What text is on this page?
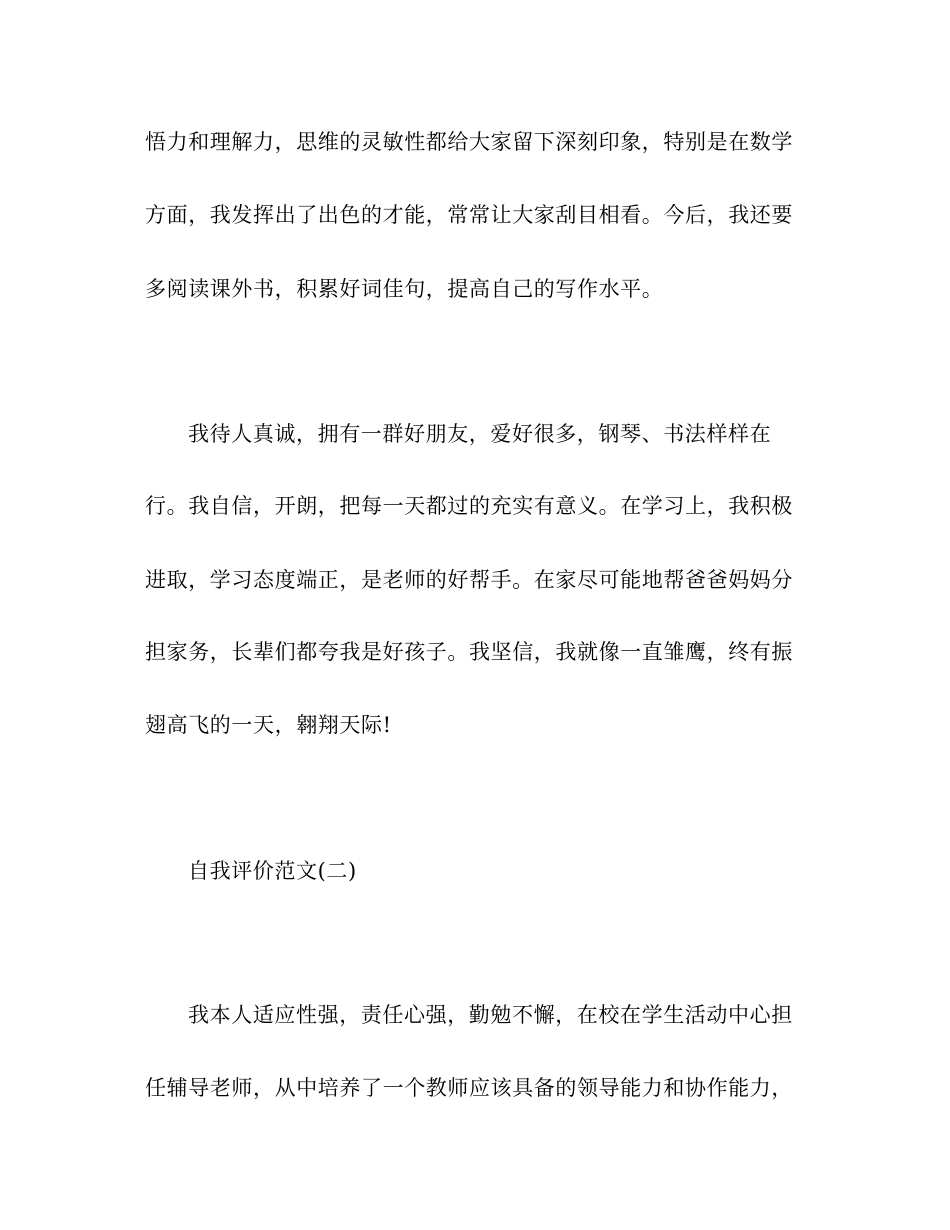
悟力和理解力，思维的灵敏性都给大家留下深刻印象，特别是在数学
方面，我发挥出了出色的才能，常常让大家刮目相看。今后，我还要
多阅读课外书，积累好词佳句，提高自己的写作水平。
我待人真诚，拥有一群好朋友，爱好很多，钢琴、书法样样在
行。我自信，开朗，把每一天都过的充实有意义。在学习上，我积极
进取，学习态度端正，是老师的好帮手。在家尽可能地帮爸爸妈妈分
担家务，长辈们都夸我是好孩子。我坚信，我就像一直雏鹰，终有振
翅高飞的一天，翱翔天际!
自我评价范文(二)
我本人适应性强，责任心强，勤勉不懈，在校在学生活动中心担
任辅导老师，从中培养了一个教师应该具备的领导能力和协作能力，
